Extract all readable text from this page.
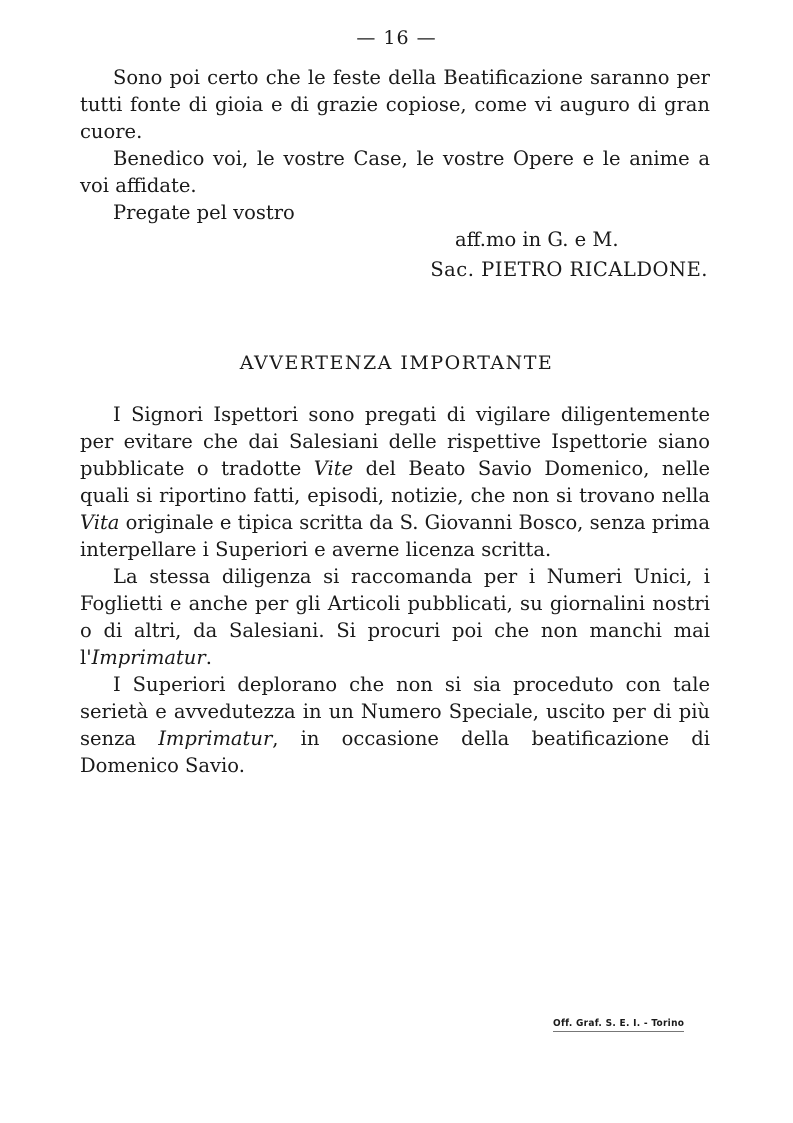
— 16 —

Sono poi certo che le feste della Beatificazione saranno per tutti fonte di gioia e di grazie copiose, come vi auguro di gran cuore.

Benedico voi, le vostre Case, le vostre Opere e le anime a voi affidate.

Pregate pel vostro

aff.mo in G. e M.
Sac. PIETRO RICALDONE.
AVVERTENZA IMPORTANTE

I Signori Ispettori sono pregati di vigilare diligentemente per evitare che dai Salesiani delle rispettive Ispettorie siano pubblicate o tradotte Vite del Beato Savio Domenico, nelle quali si riportino fatti, episodi, notizie, che non si trovano nella Vita originale e tipica scritta da S. Giovanni Bosco, senza prima interpellare i Superiori e averne licenza scritta.

La stessa diligenza si raccomanda per i Numeri Unici, i Foglietti e anche per gli Articoli pubblicati, su giornalini nostri o di altri, da Salesiani. Si procuri poi che non manchi mai l'Imprimatur.

I Superiori deplorano che non si sia proceduto con tale serietà e avvedutezza in un Numero Speciale, uscito per di più senza Imprimatur, in occasione della beatificazione di Domenico Savio.

Off. Graf. S. E. I. - Torino
